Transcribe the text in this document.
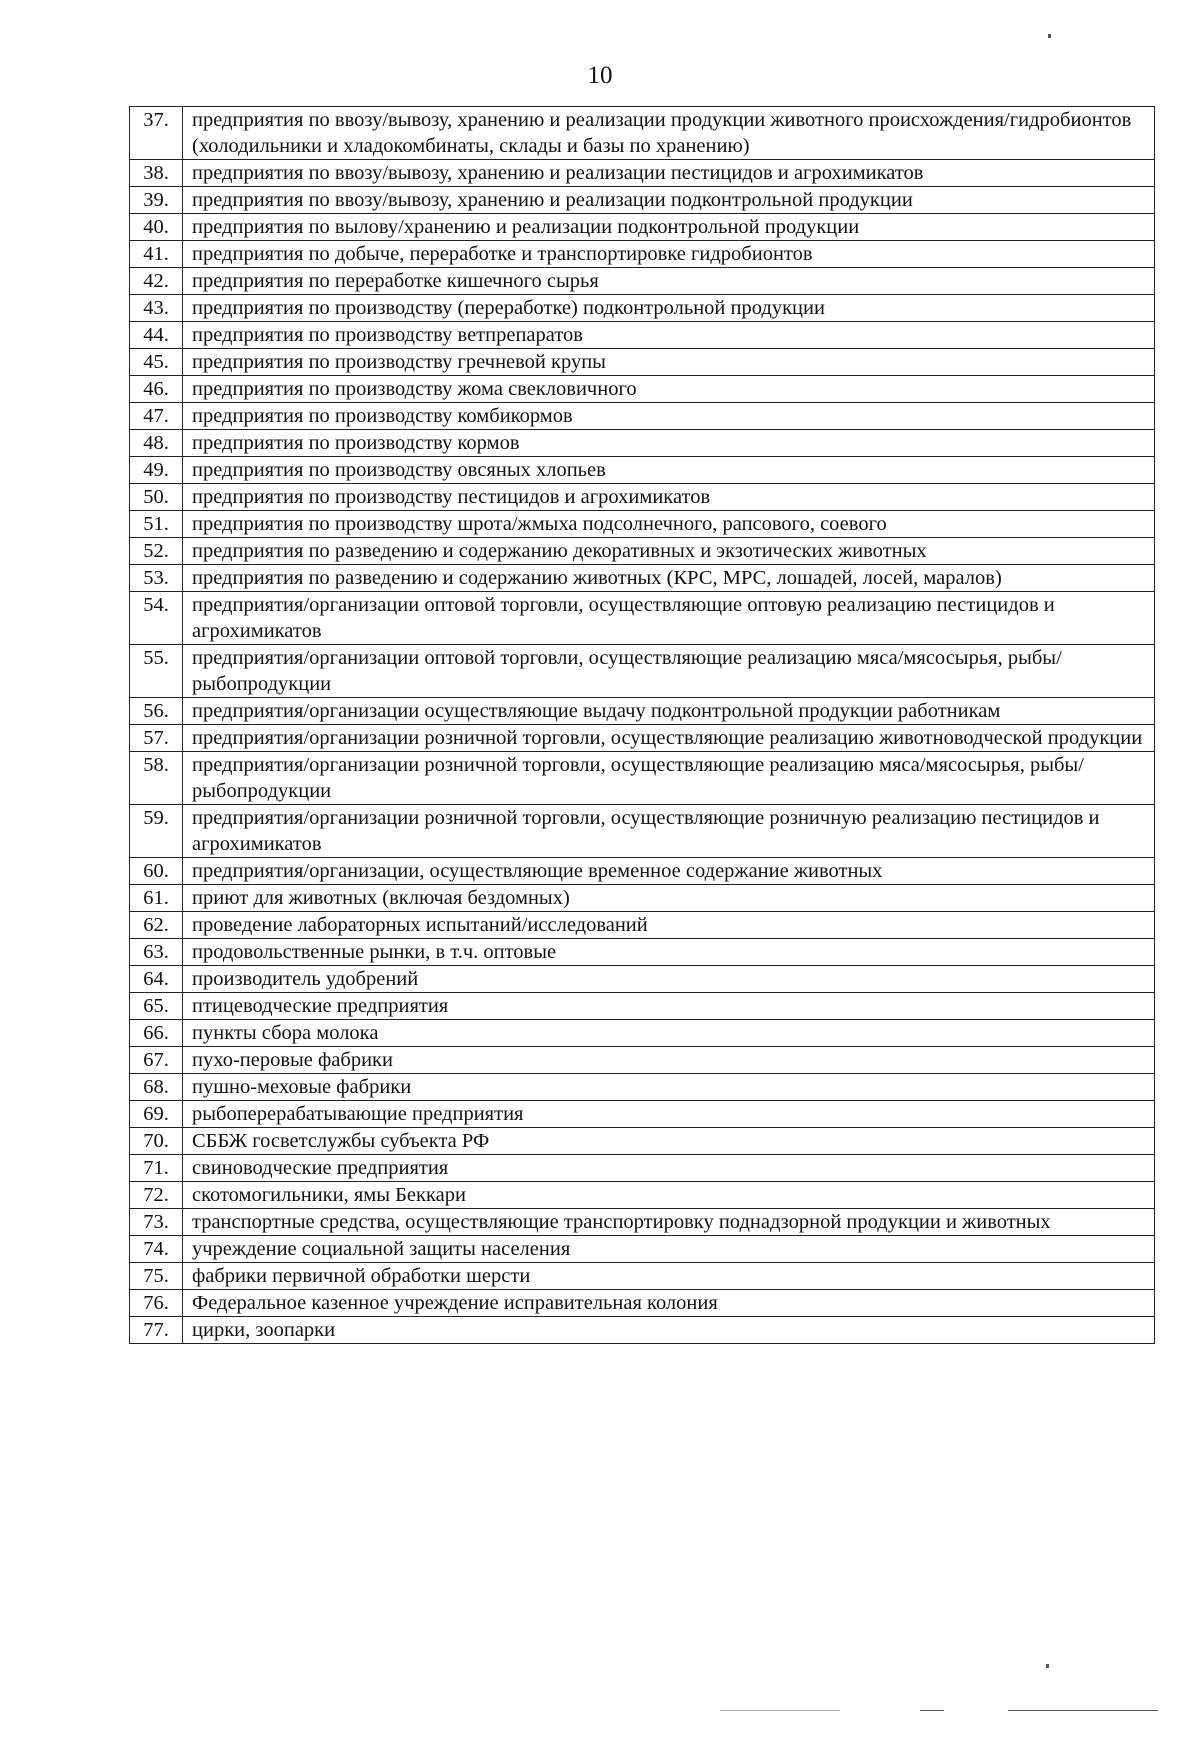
10
37.	предприятия по ввозу/вывозу, хранению и реализации продукции животного происхождения/гидробионтов (холодильники и хладокомбинаты, склады и базы по хранению)
38.	предприятия по ввозу/вывозу, хранению и реализации пестицидов и агрохимикатов
39.	предприятия по ввозу/вывозу, хранению и реализации подконтрольной продукции
40.	предприятия по вылову/хранению и реализации подконтрольной продукции
41.	предприятия по добыче, переработке и транспортировке гидробионтов
42.	предприятия по переработке кишечного сырья
43.	предприятия по производству (переработке) подконтрольной продукции
44.	предприятия по производству ветпрепаратов
45.	предприятия по производству гречневой крупы
46.	предприятия по производству жома свекловичного
47.	предприятия по производству комбикормов
48.	предприятия по производству кормов
49.	предприятия по производству овсяных хлопьев
50.	предприятия по производству пестицидов и агрохимикатов
51.	предприятия по производству шрота/жмыха подсолнечного, рапсового, соевого
52.	предприятия по разведению и содержанию декоративных и экзотических животных
53.	предприятия по разведению и содержанию животных (КРС, МРС, лошадей, лосей, маралов)
54.	предприятия/организации оптовой торговли, осуществляющие оптовую реализацию пестицидов и агрохимикатов
55.	предприятия/организации оптовой торговли, осуществляющие реализацию мяса/мясосырья, рыбы/рыбопродукции
56.	предприятия/организации осуществляющие выдачу подконтрольной продукции работникам
57.	предприятия/организации розничной торговли, осуществляющие реализацию животноводческой продукции
58.	предприятия/организации розничной торговли, осуществляющие реализацию мяса/мясосырья, рыбы/рыбопродукции
59.	предприятия/организации розничной торговли, осуществляющие розничную реализацию пестицидов и агрохимикатов
60.	предприятия/организации, осуществляющие временное содержание животных
61.	приют для животных (включая бездомных)
62.	проведение лабораторных испытаний/исследований
63.	продовольственные рынки, в т.ч. оптовые
64.	производитель удобрений
65.	птицеводческие предприятия
66.	пункты сбора молока
67.	пухо-перовые фабрики
68.	пушно-меховые фабрики
69.	рыбоперерабатывающие предприятия
70.	СББЖ госветслужбы субъекта РФ
71.	свиноводческие предприятия
72.	скотомогильники, ямы Беккари
73.	транспортные средства, осуществляющие транспортировку поднадзорной продукции и животных
74.	учреждение социальной защиты населения
75.	фабрики первичной обработки шерсти
76.	Федеральное казенное учреждение исправительная колония
77.	цирки, зоопарки
